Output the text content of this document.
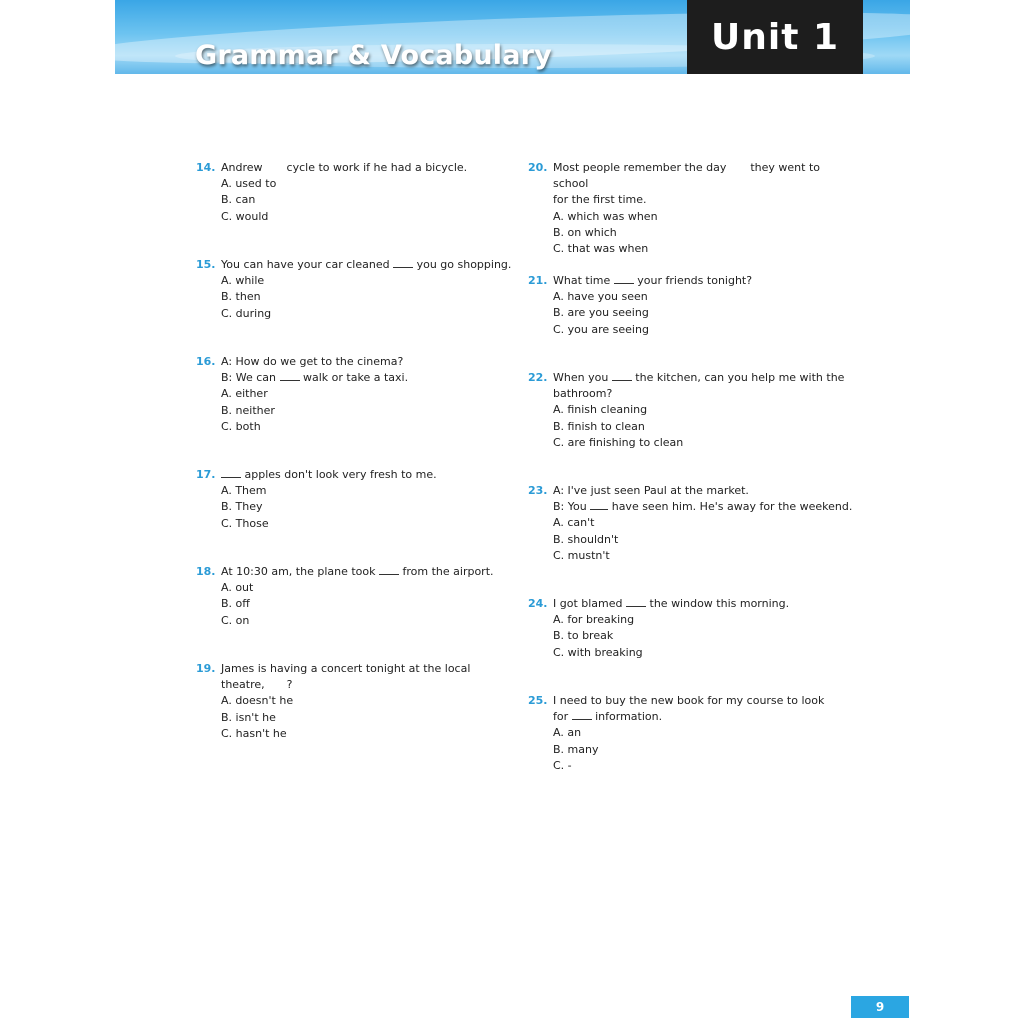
Grammar & Vocabulary	Unit 1
14. Andrew cycle to work if he had a bicycle.
A. used to
B. can
C. would
15. You can have your car cleaned you go shopping.
A. while
B. then
C. during
16. A: How do we get to the cinema?
B: We can walk or take a taxi.
A. either
B. neither
C. both
17.	apples don't look very fresh to me.
A. Them
B. They
C. Those
18. At 10:30 am, the plane took from the airport.
A. out
B. off
C. on
19. James is having a concert tonight at the local
theatre, ?
A. doesn't he
B. isn't he
C. hasn't he
20. Most people remember the day they went to school
for the first time.
A. which was when
B. on which
C. that was when
21. What time your friends tonight?
A. have you seen
B. are you seeing
C. you are seeing
22. When you the kitchen, can you help me with the
bathroom?
A. finish cleaning
B. finish to clean
C. are finishing to clean
23. A: I've just seen Paul at the market.
B: You have seen him. He's away for the weekend.
A. can't
B. shouldn't
C. mustn't
24. I got blamed the window this morning.
A. for breaking
B. to break
C. with breaking
25. I need to buy the new book for my course to look
for information.
A. an
B. many
C. -
9
